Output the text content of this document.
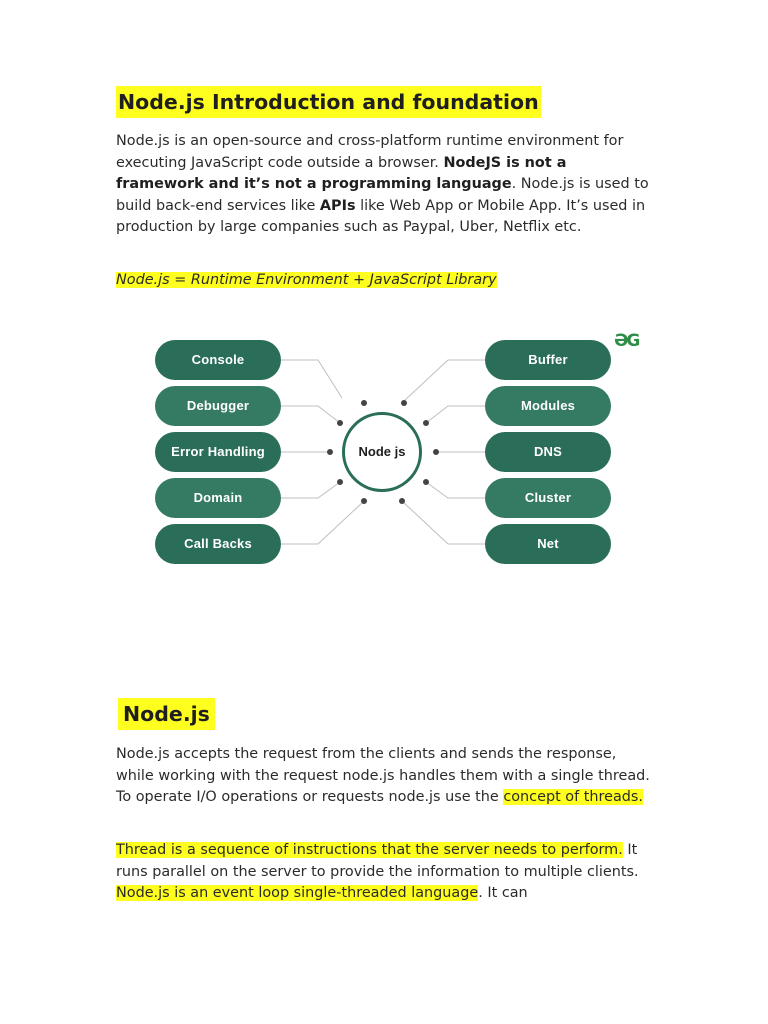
Node.js Introduction and foundation

Node.js is an open-source and cross-platform runtime environment for executing JavaScript code outside a browser. NodeJS is not a framework and it’s not a programming language. Node.js is used to build back-end services like APIs like Web App or Mobile App. It’s used in production by large companies such as Paypal, Uber, Netflix etc.

Node.js = Runtime Environment + JavaScript Library

Console
Debugger
Error Handling
Domain
Call Backs
Buffer
Modules
DNS
Cluster
Net
Node js
ƏG
Node.js

Node.js accepts the request from the clients and sends the response, while working with the request node.js handles them with a single thread. To operate I/O operations or requests node.js use the concept of threads.

Thread is a sequence of instructions that the server needs to perform. It runs parallel on the server to provide the information to multiple clients. Node.js is an event loop single-threaded language. It can
